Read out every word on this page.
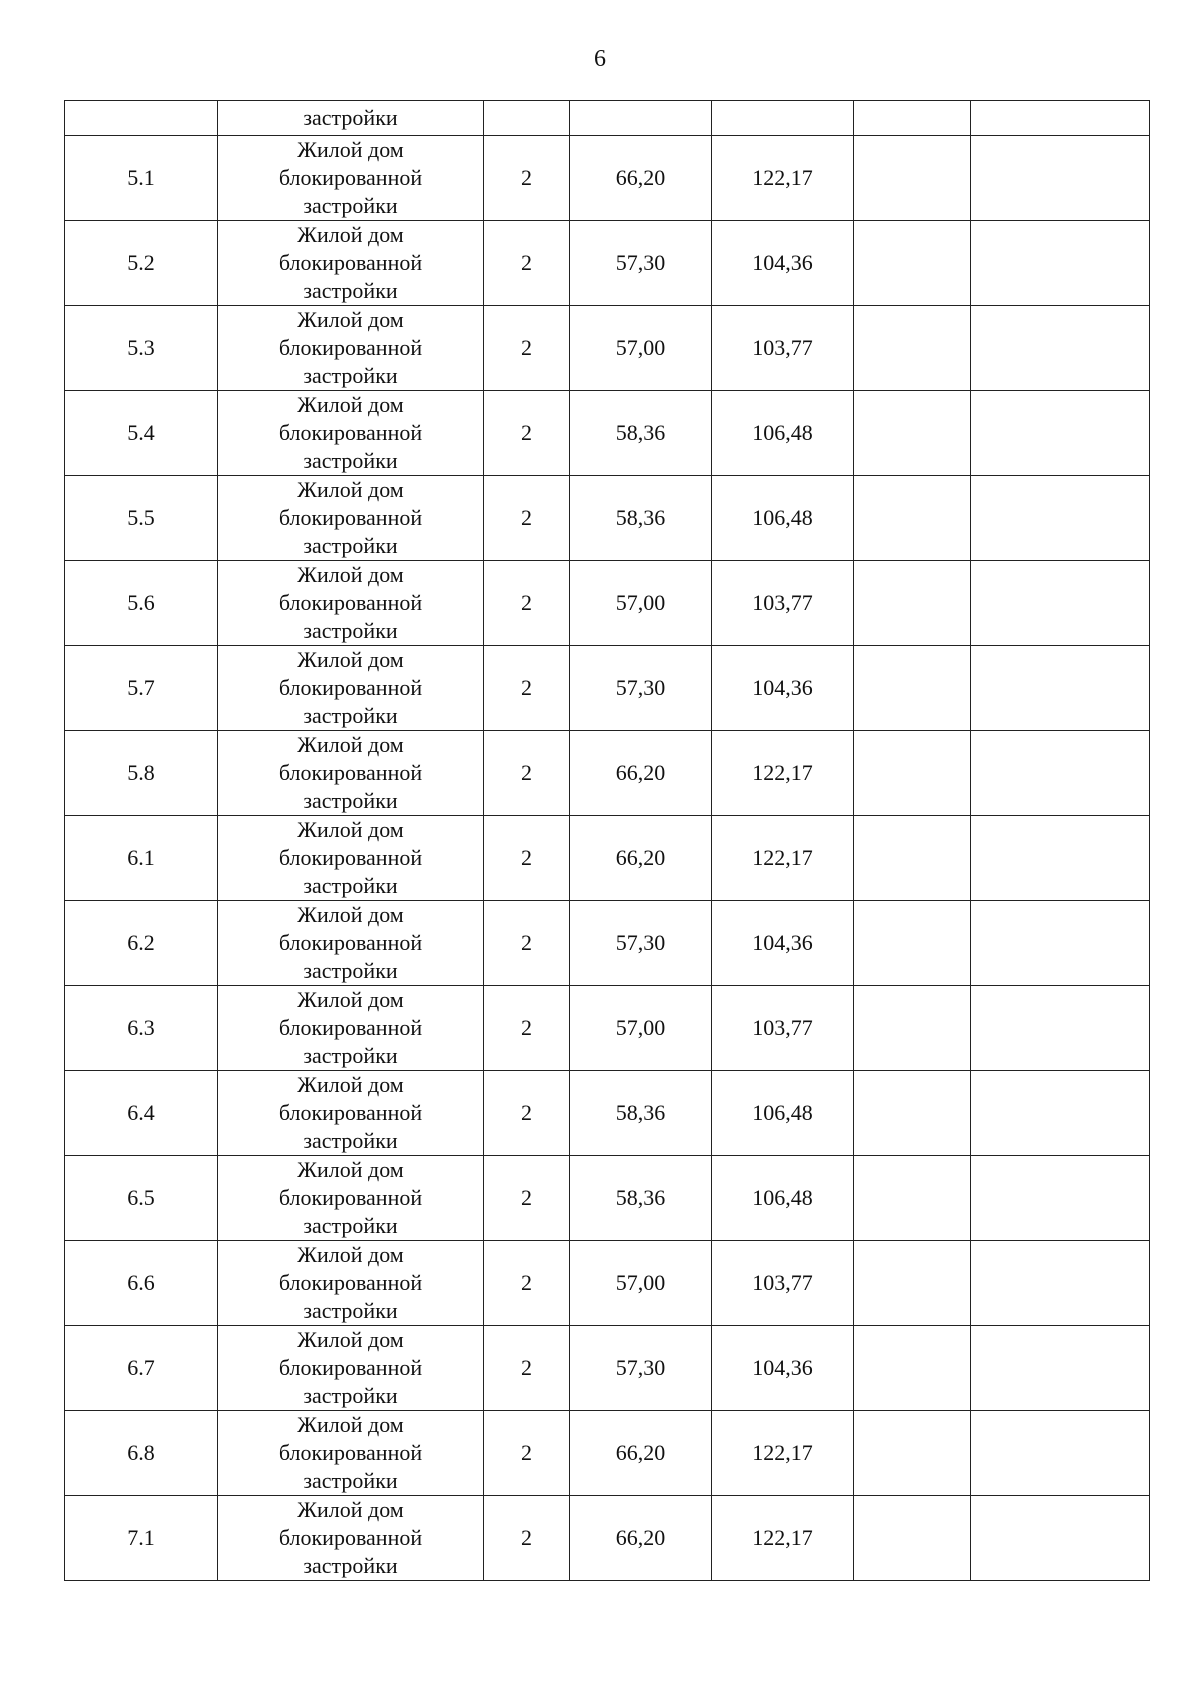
6
	застройки					
5.1	Жилой дом
блокированной
застройки	2	66,20	122,17		
5.2	Жилой дом
блокированной
застройки	2	57,30	104,36		
5.3	Жилой дом
блокированной
застройки	2	57,00	103,77		
5.4	Жилой дом
блокированной
застройки	2	58,36	106,48		
5.5	Жилой дом
блокированной
застройки	2	58,36	106,48		
5.6	Жилой дом
блокированной
застройки	2	57,00	103,77		
5.7	Жилой дом
блокированной
застройки	2	57,30	104,36		
5.8	Жилой дом
блокированной
застройки	2	66,20	122,17		
6.1	Жилой дом
блокированной
застройки	2	66,20	122,17		
6.2	Жилой дом
блокированной
застройки	2	57,30	104,36		
6.3	Жилой дом
блокированной
застройки	2	57,00	103,77		
6.4	Жилой дом
блокированной
застройки	2	58,36	106,48		
6.5	Жилой дом
блокированной
застройки	2	58,36	106,48		
6.6	Жилой дом
блокированной
застройки	2	57,00	103,77		
6.7	Жилой дом
блокированной
застройки	2	57,30	104,36		
6.8	Жилой дом
блокированной
застройки	2	66,20	122,17		
7.1	Жилой дом
блокированной
застройки	2	66,20	122,17		
